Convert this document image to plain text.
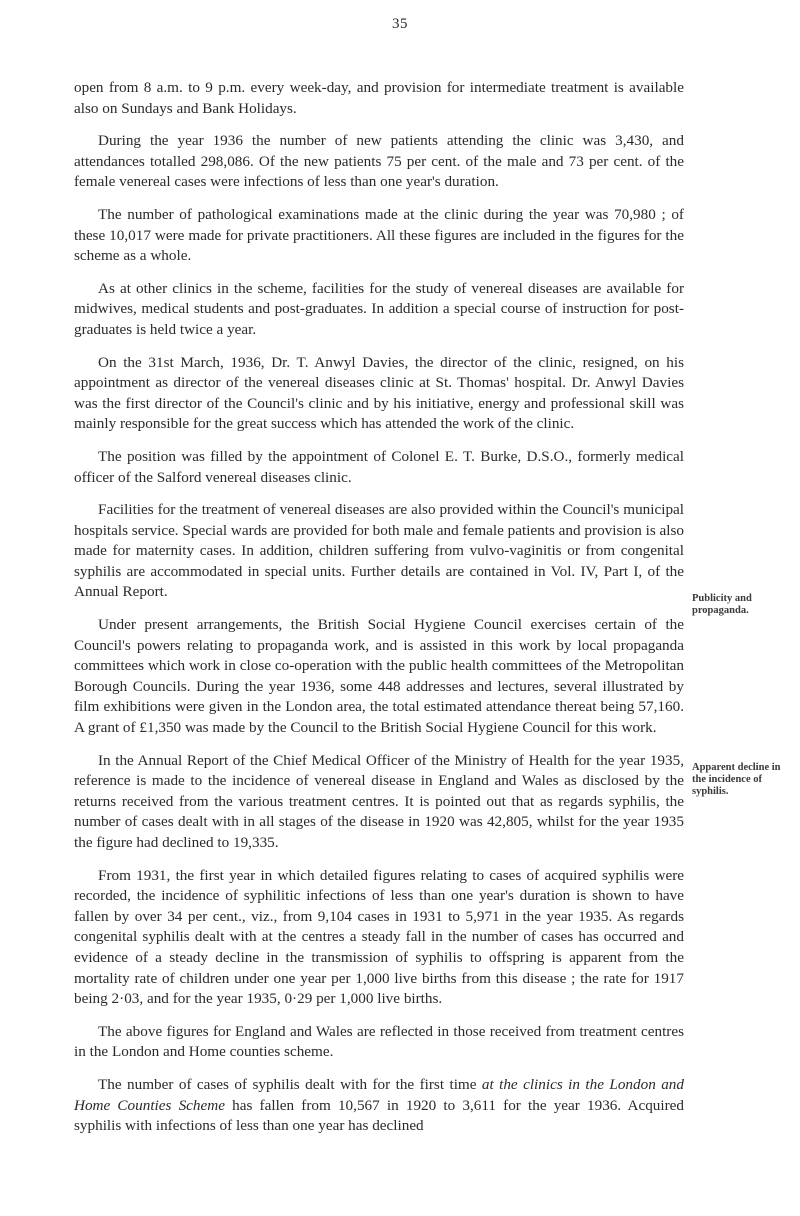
35

open from 8 a.m. to 9 p.m. every week-day, and provision for intermediate treatment is available also on Sundays and Bank Holidays.

During the year 1936 the number of new patients attending the clinic was 3,430, and attendances totalled 298,086. Of the new patients 75 per cent. of the male and 73 per cent. of the female venereal cases were infections of less than one year's duration.

The number of pathological examinations made at the clinic during the year was 70,980 ; of these 10,017 were made for private practitioners. All these figures are included in the figures for the scheme as a whole.

As at other clinics in the scheme, facilities for the study of venereal diseases are available for midwives, medical students and post-graduates. In addition a special course of instruction for post-graduates is held twice a year.

On the 31st March, 1936, Dr. T. Anwyl Davies, the director of the clinic, resigned, on his appointment as director of the venereal diseases clinic at St. Thomas' hospital. Dr. Anwyl Davies was the first director of the Council's clinic and by his initiative, energy and professional skill was mainly responsible for the great success which has attended the work of the clinic.

The position was filled by the appointment of Colonel E. T. Burke, D.S.O., formerly medical officer of the Salford venereal diseases clinic.

Facilities for the treatment of venereal diseases are also provided within the Council's municipal hospitals service. Special wards are provided for both male and female patients and provision is also made for maternity cases. In addition, children suffering from vulvo-vaginitis or from congenital syphilis are accommodated in special units. Further details are contained in Vol. IV, Part I, of the Annual Report.

Under present arrangements, the British Social Hygiene Council exercises certain of the Council's powers relating to propaganda work, and is assisted in this work by local propaganda committees which work in close co-operation with the public health committees of the Metropolitan Borough Councils. During the year 1936, some 448 addresses and lectures, several illustrated by film exhibitions were given in the London area, the total estimated attendance thereat being 57,160. A grant of £1,350 was made by the Council to the British Social Hygiene Council for this work.

In the Annual Report of the Chief Medical Officer of the Ministry of Health for the year 1935, reference is made to the incidence of venereal disease in England and Wales as disclosed by the returns received from the various treatment centres. It is pointed out that as regards syphilis, the number of cases dealt with in all stages of the disease in 1920 was 42,805, whilst for the year 1935 the figure had declined to 19,335.

From 1931, the first year in which detailed figures relating to cases of acquired syphilis were recorded, the incidence of syphilitic infections of less than one year's duration is shown to have fallen by over 34 per cent., viz., from 9,104 cases in 1931 to 5,971 in the year 1935. As regards congenital syphilis dealt with at the centres a steady fall in the number of cases has occurred and evidence of a steady decline in the transmission of syphilis to offspring is apparent from the mortality rate of children under one year per 1,000 live births from this disease ; the rate for 1917 being 2·03, and for the year 1935, 0·29 per 1,000 live births.

The above figures for England and Wales are reflected in those received from treatment centres in the London and Home counties scheme.

The number of cases of syphilis dealt with for the first time at the clinics in the London and Home Counties Scheme has fallen from 10,567 in 1920 to 3,611 for the year 1936. Acquired syphilis with infections of less than one year has declined

Publicity and propaganda.
Apparent decline in the incidence of syphilis.
